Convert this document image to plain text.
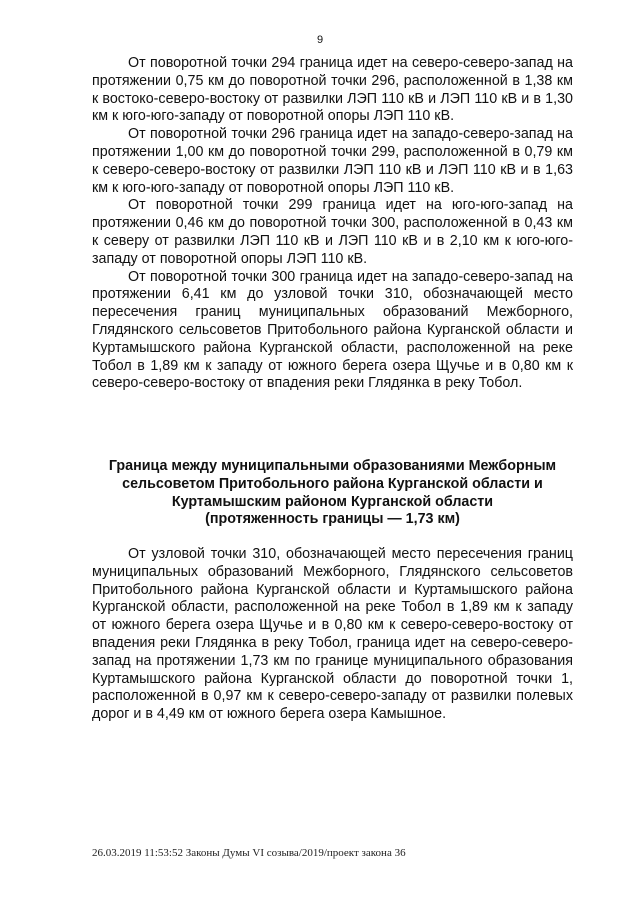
9

От поворотной точки 294 граница идет на северо-северо-запад на протяжении 0,75 км до поворотной точки 296, расположенной в 1,38 км к востоко-северо-востоку от развилки ЛЭП 110 кВ и ЛЭП 110 кВ и в 1,30 км к юго-юго-западу от поворотной опоры ЛЭП 110 кВ.

От поворотной точки 296 граница идет на западо-северо-запад на протяжении 1,00 км до поворотной точки 299, расположенной в 0,79 км к северо-северо-востоку от развилки ЛЭП 110 кВ и ЛЭП 110 кВ и в 1,63 км к юго-юго-западу от поворотной опоры ЛЭП 110 кВ.

От поворотной точки 299 граница идет на юго-юго-запад на протяжении 0,46 км до поворотной точки 300, расположенной в 0,43 км к северу от развилки ЛЭП 110 кВ и ЛЭП 110 кВ и в 2,10 км к юго-юго-западу от поворотной опоры ЛЭП 110 кВ.

От поворотной точки 300 граница идет на западо-северо-запад на протяжении 6,41 км до узловой точки 310, обозначающей место пересечения границ муниципальных образований Межборного, Глядянского сельсоветов Притобольного района Курганской области и Куртамышского района Курганской области, расположенной на реке Тобол в 1,89 км к западу от южного берега озера Щучье и в 0,80 км к северо-северо-востоку от впадения реки Глядянка в реку Тобол.

Граница между муниципальными образованиями Межборным
сельсоветом Притобольного района Курганской области и
Куртамышским районом Курганской области
(протяженность границы — 1,73 км)

От узловой точки 310, обозначающей место пересечения границ муниципальных образований Межборного, Глядянского сельсоветов Притобольного района Курганской области и Куртамышского района Курганской области, расположенной на реке Тобол в 1,89 км к западу от южного берега озера Щучье и в 0,80 км к северо-северо-востоку от впадения реки Глядянка в реку Тобол, граница идет на северо-северо-запад на протяжении 1,73 км по границе муниципального образования Куртамышского района Курганской области до поворотной точки 1, расположенной в 0,97 км к северо-северо-западу от развилки полевых дорог и в 4,49 км от южного берега озера Камышное.

26.03.2019 11:53:52 Законы Думы VI созыва/2019/проект закона 36
